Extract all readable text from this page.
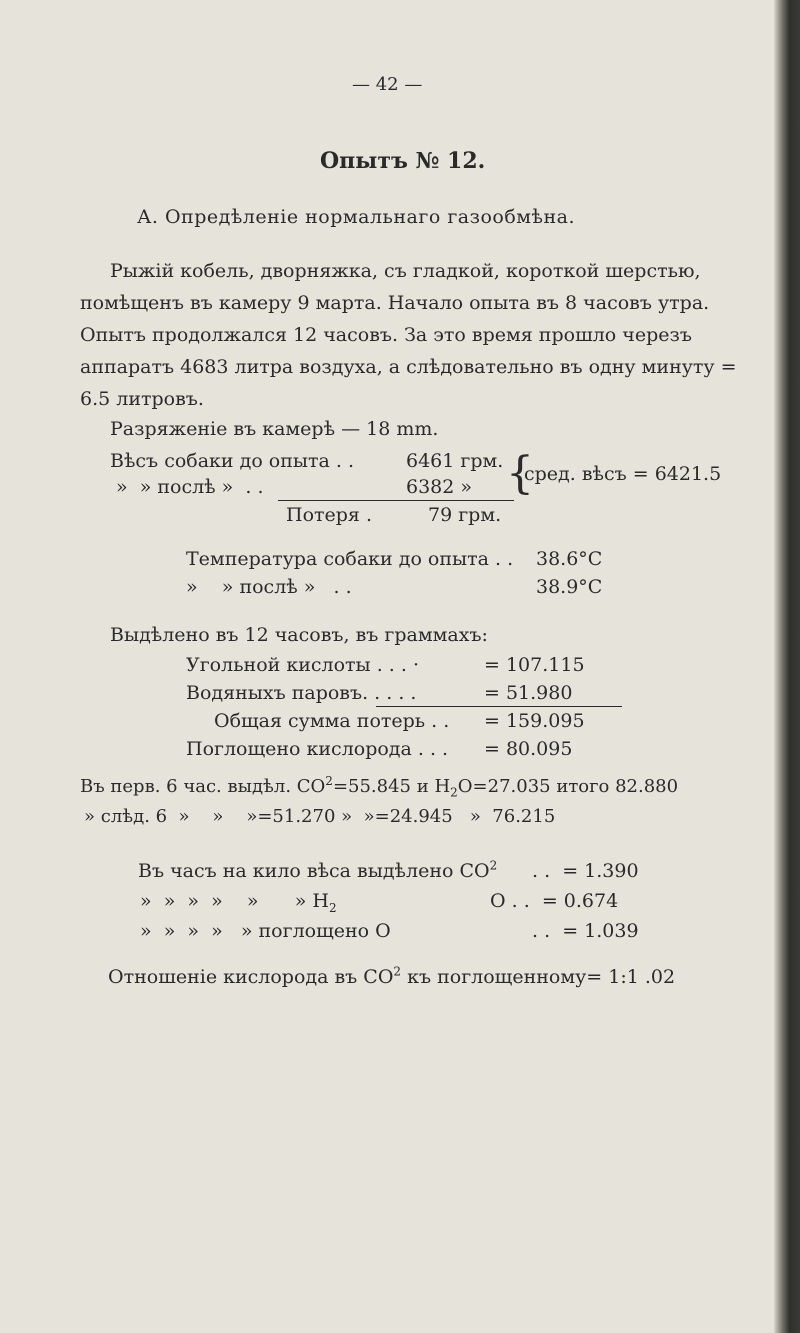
— 42 —
Опытъ № 12.
А. Опредѣленіе нормальнаго газообмѣна.
Рыжій кобель, дворняжка, съ гладкой, короткой шерстью,
помѣщенъ въ камеру 9 марта. Начало опыта въ 8 часовъ утра.
Опытъ продолжался 12 часовъ. За это время прошло черезъ
аппаратъ 4683 литра воздуха, а слѣдовательно въ одну минуту =
6.5 литровъ.
Разряженіе въ камерѣ — 18 mm.
Вѣсъ собаки до опыта . .	6461 грм.
»  » послѣ »  . .	6382 » {
сред. вѣсъ = 6421.5
Потеря .	79 грм.
Температура собаки до опыта . . 38.6°С
»    » послѣ »   . .	38.9°С
Выдѣлено въ 12 часовъ, въ граммахъ:
Угольной кислоты . . . ·	= 107.115
Водяныхъ паровъ. . . . .	= 51.980
Общая сумма потерь . . = 159.095
Поглощено кислорода . . . = 80.095
Въ перв. 6 час. выдѣл. $СО^2=55.845$ и $H_2O=27.035$ итого 82.880
» слѣд. 6  »    »    »=51.270 »  »=24.945   »  76.215
Въ часъ на кило вѣса выдѣлено $СО^2$ . .  = 1.390
»  »  »  »    »      » $H_2$	O . .  = 0.674
»  »  »  »   » поглощено О	. .  = 1.039
Отношеніе кислорода въ $СО^2$ къ поглощенному= 1:1 .02
